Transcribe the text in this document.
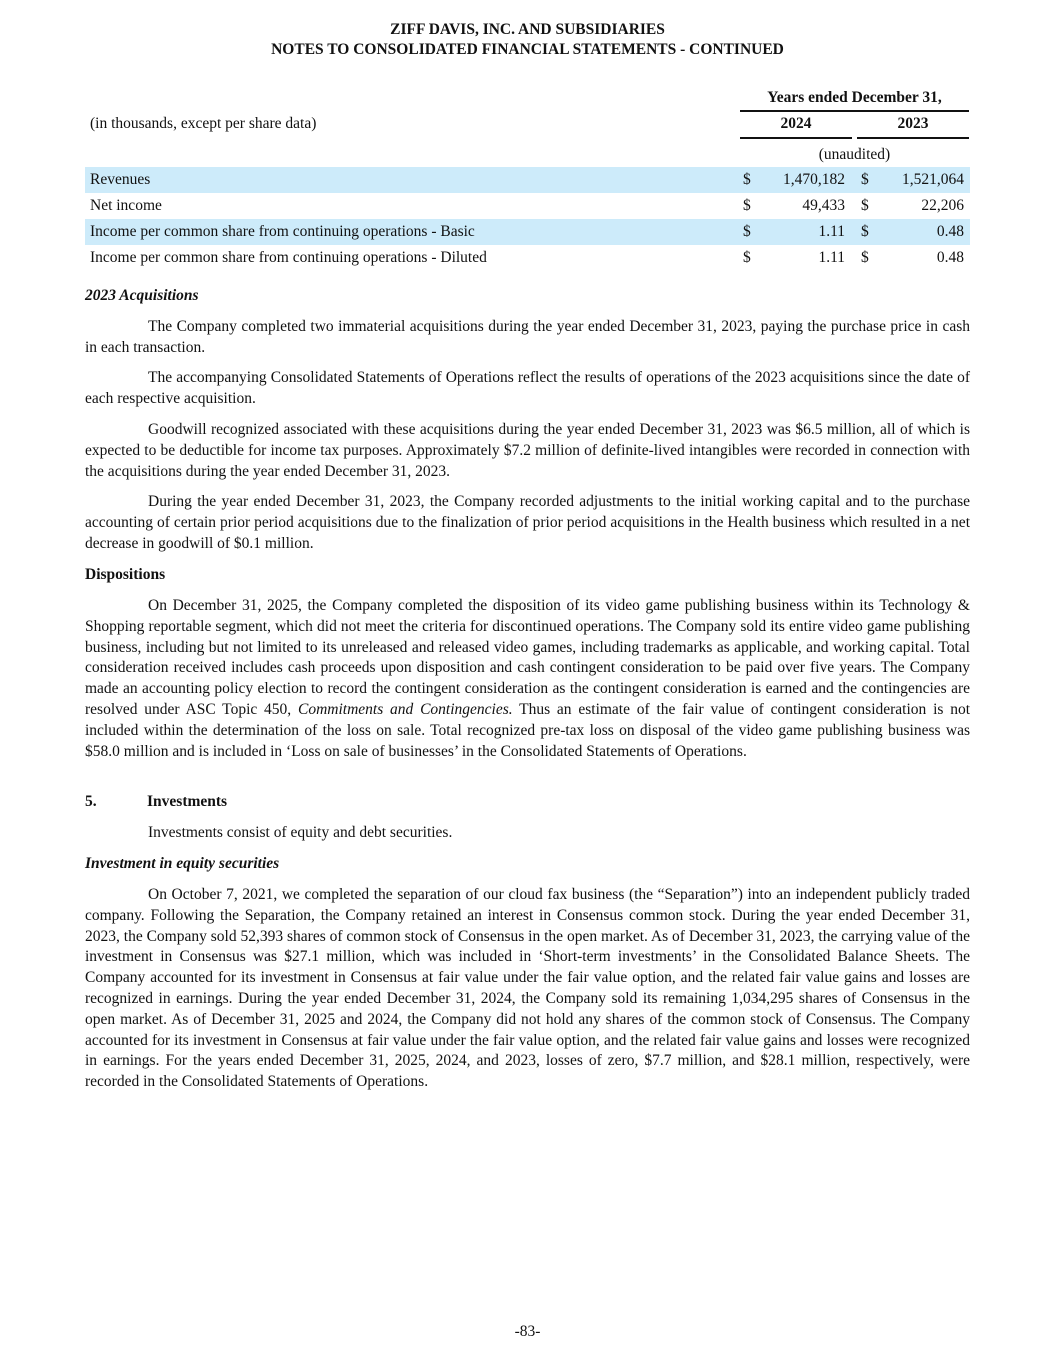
ZIFF DAVIS, INC. AND SUBSIDIARIES
NOTES TO CONSOLIDATED FINANCIAL STATEMENTS - CONTINUED
Years ended December 31,
(in thousands, except per share data)	2024	2023
(unaudited)
Revenues	$ 1,470,182 $ 1,521,064
Net income	$	49,433 $	22,206
Income per common share from continuing operations - Basic	$	1.11 $	0.48
Income per common share from continuing operations - Diluted	$	1.11 $	0.48
2023 Acquisitions

The Company completed two immaterial acquisitions during the year ended December 31, 2023, paying the purchase price in cash in each transaction.

The accompanying Consolidated Statements of Operations reflect the results of operations of the 2023 acquisitions since the date of each respective acquisition.

Goodwill recognized associated with these acquisitions during the year ended December 31, 2023 was $6.5 million, all of which is expected to be deductible for income tax purposes. Approximately $7.2 million of definite-lived intangibles were recorded in connection with the acquisitions during the year ended December 31, 2023.

During the year ended December 31, 2023, the Company recorded adjustments to the initial working capital and to the purchase accounting of certain prior period acquisitions due to the finalization of prior period acquisitions in the Health business which resulted in a net decrease in goodwill of $0.1 million.

Dispositions

On December 31, 2025, the Company completed the disposition of its video game publishing business within its Technology & Shopping reportable segment, which did not meet the criteria for discontinued operations. The Company sold its entire video game publishing business, including but not limited to its unreleased and released video games, including trademarks as applicable, and working capital. Total consideration received includes cash proceeds upon disposition and cash contingent consideration to be paid over five years. The Company made an accounting policy election to record the contingent consideration as the contingent consideration is earned and the contingencies are resolved under ASC Topic 450, Commitments and Contingencies. Thus an estimate of the fair value of contingent consideration is not included within the determination of the loss on sale. Total recognized pre-tax loss on disposal of the video game publishing business was $58.0 million and is included in ‘Loss on sale of businesses’ in the Consolidated Statements of Operations.

5.	Investments

Investments consist of equity and debt securities.

Investment in equity securities

On October 7, 2021, we completed the separation of our cloud fax business (the “Separation”) into an independent publicly traded company. Following the Separation, the Company retained an interest in Consensus common stock. During the year ended December 31, 2023, the Company sold 52,393 shares of common stock of Consensus in the open market. As of December 31, 2023, the carrying value of the investment in Consensus was $27.1 million, which was included in ‘Short-term investments’ in the Consolidated Balance Sheets. The Company accounted for its investment in Consensus at fair value under the fair value option, and the related fair value gains and losses are recognized in earnings. During the year ended December 31, 2024, the Company sold its remaining 1,034,295 shares of Consensus in the open market. As of December 31, 2025 and 2024, the Company did not hold any shares of the common stock of Consensus. The Company accounted for its investment in Consensus at fair value under the fair value option, and the related fair value gains and losses were recognized in earnings. For the years ended December 31, 2025, 2024, and 2023, losses of zero, $7.7 million, and $28.1 million, respectively, were recorded in the Consolidated Statements of Operations.

-83-
